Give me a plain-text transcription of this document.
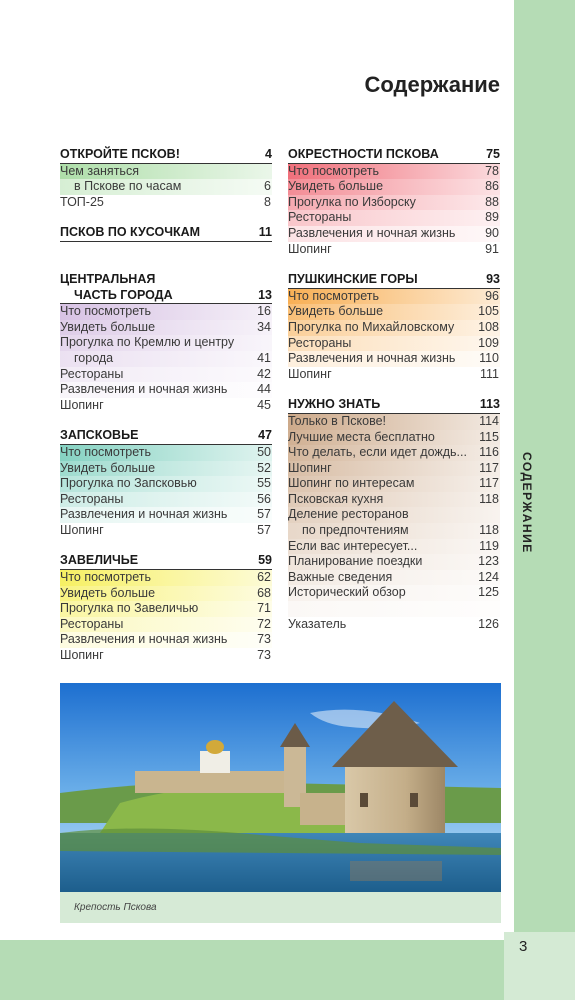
СОДЕРЖАНИЕ
3
Содержание
ОТКРОЙТЕ ПСКОВ!	4
Чем заняться
в Пскове по часам	6
ТОП-25	8
ПСКОВ ПО КУСОЧКАМ	11
ЦЕНТРАЛЬНАЯ
ЧАСТЬ ГОРОДА	13
Что посмотреть	16
Увидеть больше	34
Прогулка по Кремлю и центру
города	41
Рестораны	42
Развлечения и ночная жизнь 44
Шопинг	45
ЗАПСКОВЬЕ	47
Что посмотреть	50
Увидеть больше	52
Прогулка по Запсковью	55
Рестораны	56
Развлечения и ночная жизнь 57
Шопинг	57
ЗАВЕЛИЧЬЕ	59
Что посмотреть	62
Увидеть больше	68
Прогулка по Завеличью	71
Рестораны	72
Развлечения и ночная жизнь 73
Шопинг	73
ОКРЕСТНОСТИ ПСКОВА	75
Что посмотреть	78
Увидеть больше	86
Прогулка по Изборску	88
Рестораны	89
Развлечения и ночная жизнь 90
Шопинг	91
ПУШКИНСКИЕ ГОРЫ	93
Что посмотреть	96
Увидеть больше	105
Прогулка по Михайловскому 108
Рестораны	109
Развлечения и ночная жизнь 110
Шопинг	111
НУЖНО ЗНАТЬ	113
Только в Пскове!	114
Лучшие места бесплатно	115
Что делать, если идет дождь... 116
Шопинг	117
Шопинг по интересам	117
Псковская кухня	118
Деление ресторанов
по предпочтениям	118
Если вас интересует...	119
Планирование поездки	123
Важные сведения	124
Исторический обзор	125
Указатель	126
Крепость Пскова
